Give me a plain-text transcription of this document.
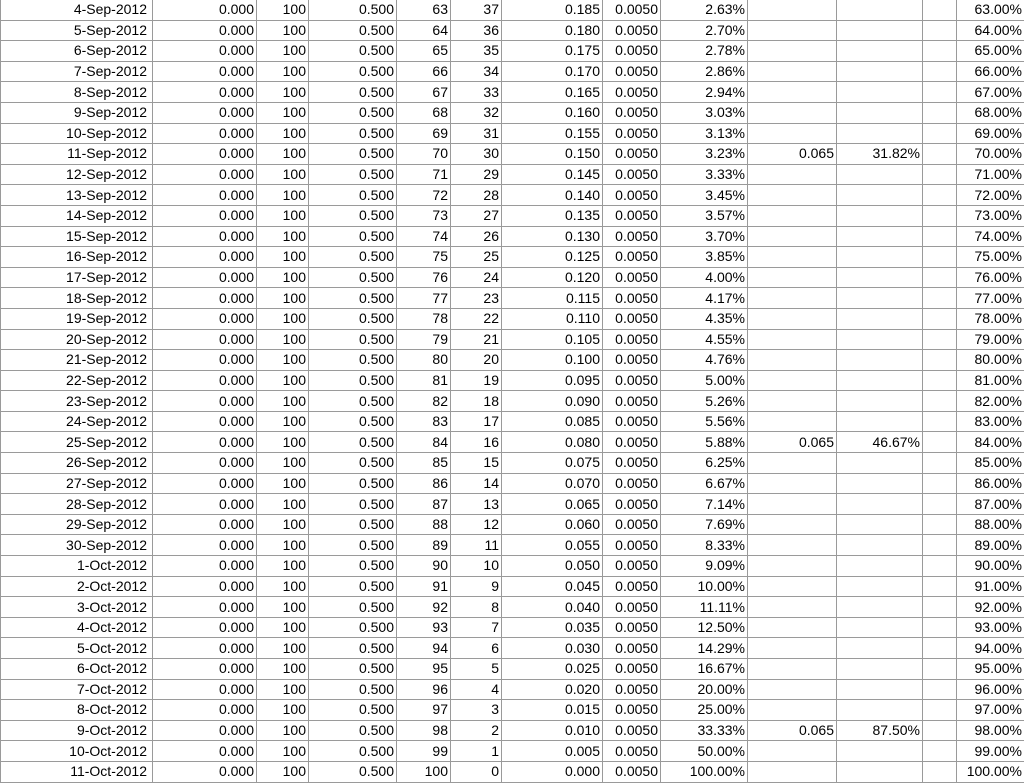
4-Sep-2012	0.000	100	0.500	63	37	0.185	0.0050	2.63%				63.00%
5-Sep-2012	0.000	100	0.500	64	36	0.180	0.0050	2.70%				64.00%
6-Sep-2012	0.000	100	0.500	65	35	0.175	0.0050	2.78%				65.00%
7-Sep-2012	0.000	100	0.500	66	34	0.170	0.0050	2.86%				66.00%
8-Sep-2012	0.000	100	0.500	67	33	0.165	0.0050	2.94%				67.00%
9-Sep-2012	0.000	100	0.500	68	32	0.160	0.0050	3.03%				68.00%
10-Sep-2012	0.000	100	0.500	69	31	0.155	0.0050	3.13%				69.00%
11-Sep-2012	0.000	100	0.500	70	30	0.150	0.0050	3.23%	0.065	31.82%		70.00%
12-Sep-2012	0.000	100	0.500	71	29	0.145	0.0050	3.33%				71.00%
13-Sep-2012	0.000	100	0.500	72	28	0.140	0.0050	3.45%				72.00%
14-Sep-2012	0.000	100	0.500	73	27	0.135	0.0050	3.57%				73.00%
15-Sep-2012	0.000	100	0.500	74	26	0.130	0.0050	3.70%				74.00%
16-Sep-2012	0.000	100	0.500	75	25	0.125	0.0050	3.85%				75.00%
17-Sep-2012	0.000	100	0.500	76	24	0.120	0.0050	4.00%				76.00%
18-Sep-2012	0.000	100	0.500	77	23	0.115	0.0050	4.17%				77.00%
19-Sep-2012	0.000	100	0.500	78	22	0.110	0.0050	4.35%				78.00%
20-Sep-2012	0.000	100	0.500	79	21	0.105	0.0050	4.55%				79.00%
21-Sep-2012	0.000	100	0.500	80	20	0.100	0.0050	4.76%				80.00%
22-Sep-2012	0.000	100	0.500	81	19	0.095	0.0050	5.00%				81.00%
23-Sep-2012	0.000	100	0.500	82	18	0.090	0.0050	5.26%				82.00%
24-Sep-2012	0.000	100	0.500	83	17	0.085	0.0050	5.56%				83.00%
25-Sep-2012	0.000	100	0.500	84	16	0.080	0.0050	5.88%	0.065	46.67%		84.00%
26-Sep-2012	0.000	100	0.500	85	15	0.075	0.0050	6.25%				85.00%
27-Sep-2012	0.000	100	0.500	86	14	0.070	0.0050	6.67%				86.00%
28-Sep-2012	0.000	100	0.500	87	13	0.065	0.0050	7.14%				87.00%
29-Sep-2012	0.000	100	0.500	88	12	0.060	0.0050	7.69%				88.00%
30-Sep-2012	0.000	100	0.500	89	11	0.055	0.0050	8.33%				89.00%
1-Oct-2012	0.000	100	0.500	90	10	0.050	0.0050	9.09%				90.00%
2-Oct-2012	0.000	100	0.500	91	9	0.045	0.0050	10.00%				91.00%
3-Oct-2012	0.000	100	0.500	92	8	0.040	0.0050	11.11%				92.00%
4-Oct-2012	0.000	100	0.500	93	7	0.035	0.0050	12.50%				93.00%
5-Oct-2012	0.000	100	0.500	94	6	0.030	0.0050	14.29%				94.00%
6-Oct-2012	0.000	100	0.500	95	5	0.025	0.0050	16.67%				95.00%
7-Oct-2012	0.000	100	0.500	96	4	0.020	0.0050	20.00%				96.00%
8-Oct-2012	0.000	100	0.500	97	3	0.015	0.0050	25.00%				97.00%
9-Oct-2012	0.000	100	0.500	98	2	0.010	0.0050	33.33%	0.065	87.50%		98.00%
10-Oct-2012	0.000	100	0.500	99	1	0.005	0.0050	50.00%				99.00%
11-Oct-2012	0.000	100	0.500	100	0	0.000	0.0050	100.00%				100.00%
